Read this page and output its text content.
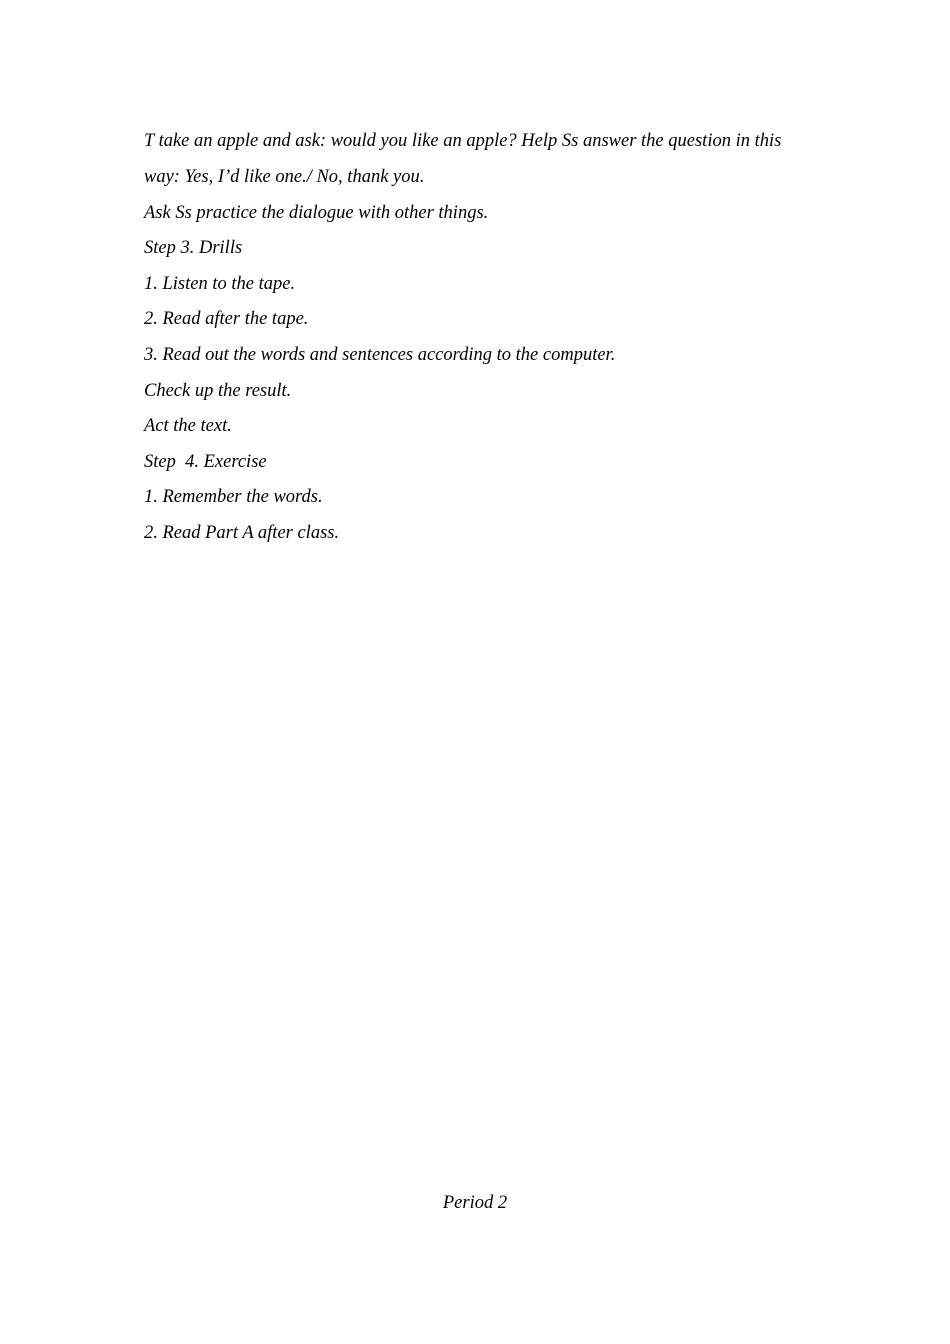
T take an apple and ask: would you like an apple? Help Ss answer the question in this

way: Yes, I’d like one./ No, thank you.

Ask Ss practice the dialogue with other things.

Step 3. Drills

1. Listen to the tape.

2. Read after the tape.

3. Read out the words and sentences according to the computer.

Check up the result.

Act the text.

Step  4. Exercise

1. Remember the words.

2. Read Part A after class.

Period 2
